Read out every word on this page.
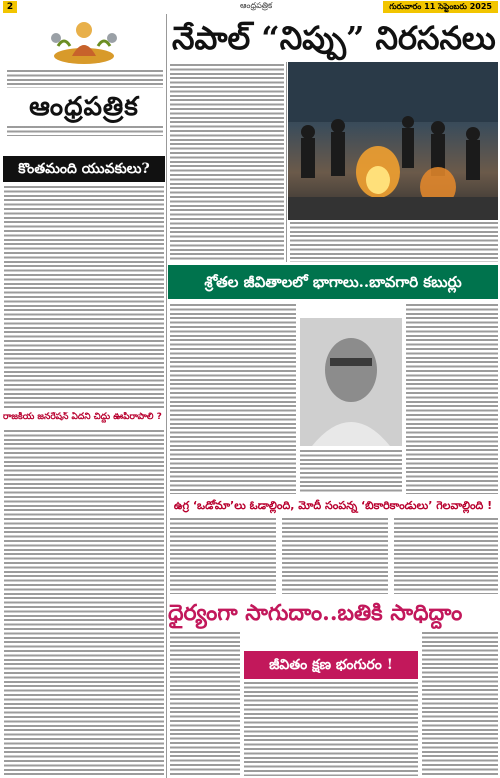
2	ఆంధ్రపత్రిక	గురువారం 11 సెప్టెంబరు 2025
ఆంధ్రపత్రిక
నేపాల్ “నిప్పు” నిరసనలు
కొంతమంది యువకులు?
రాజకీయ జనరేషన్ ఏదని చిద్దు ఊపిరాపాలి ?
శ్రోతల జీవితాలలో భాగాలు..బావగారి కబుర్లు
ఉగ్ర ‘ఒడోమా’లు ఓడాల్లింది, మోదీ సంపన్న ‘బికారికాండులు’ గెలవాల్లింది !
ధైర్యంగా సాగుదాం..బతికి సాధిద్దాం
జీవితం క్షణ భంగురం !
